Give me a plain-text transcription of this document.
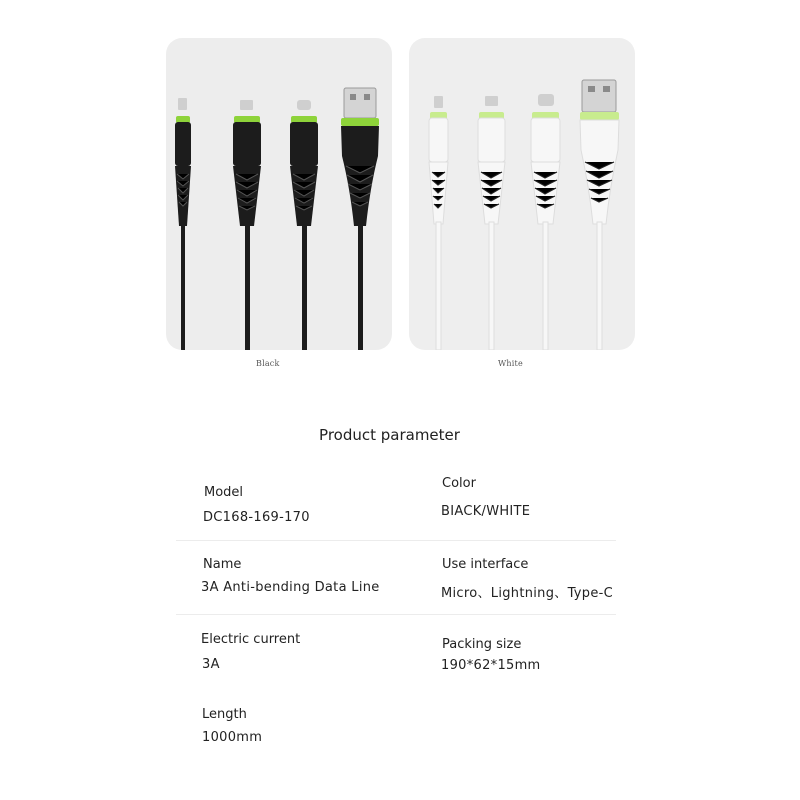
Black	White
Product parameter
Model
DC168-169-170
Color
BIACK/WHITE
Name
3A Anti-bending Data Line
Use interface
Micro、Lightning、Type-C
Electric current
3A
Packing size
190*62*15mm
Length
1000mm
